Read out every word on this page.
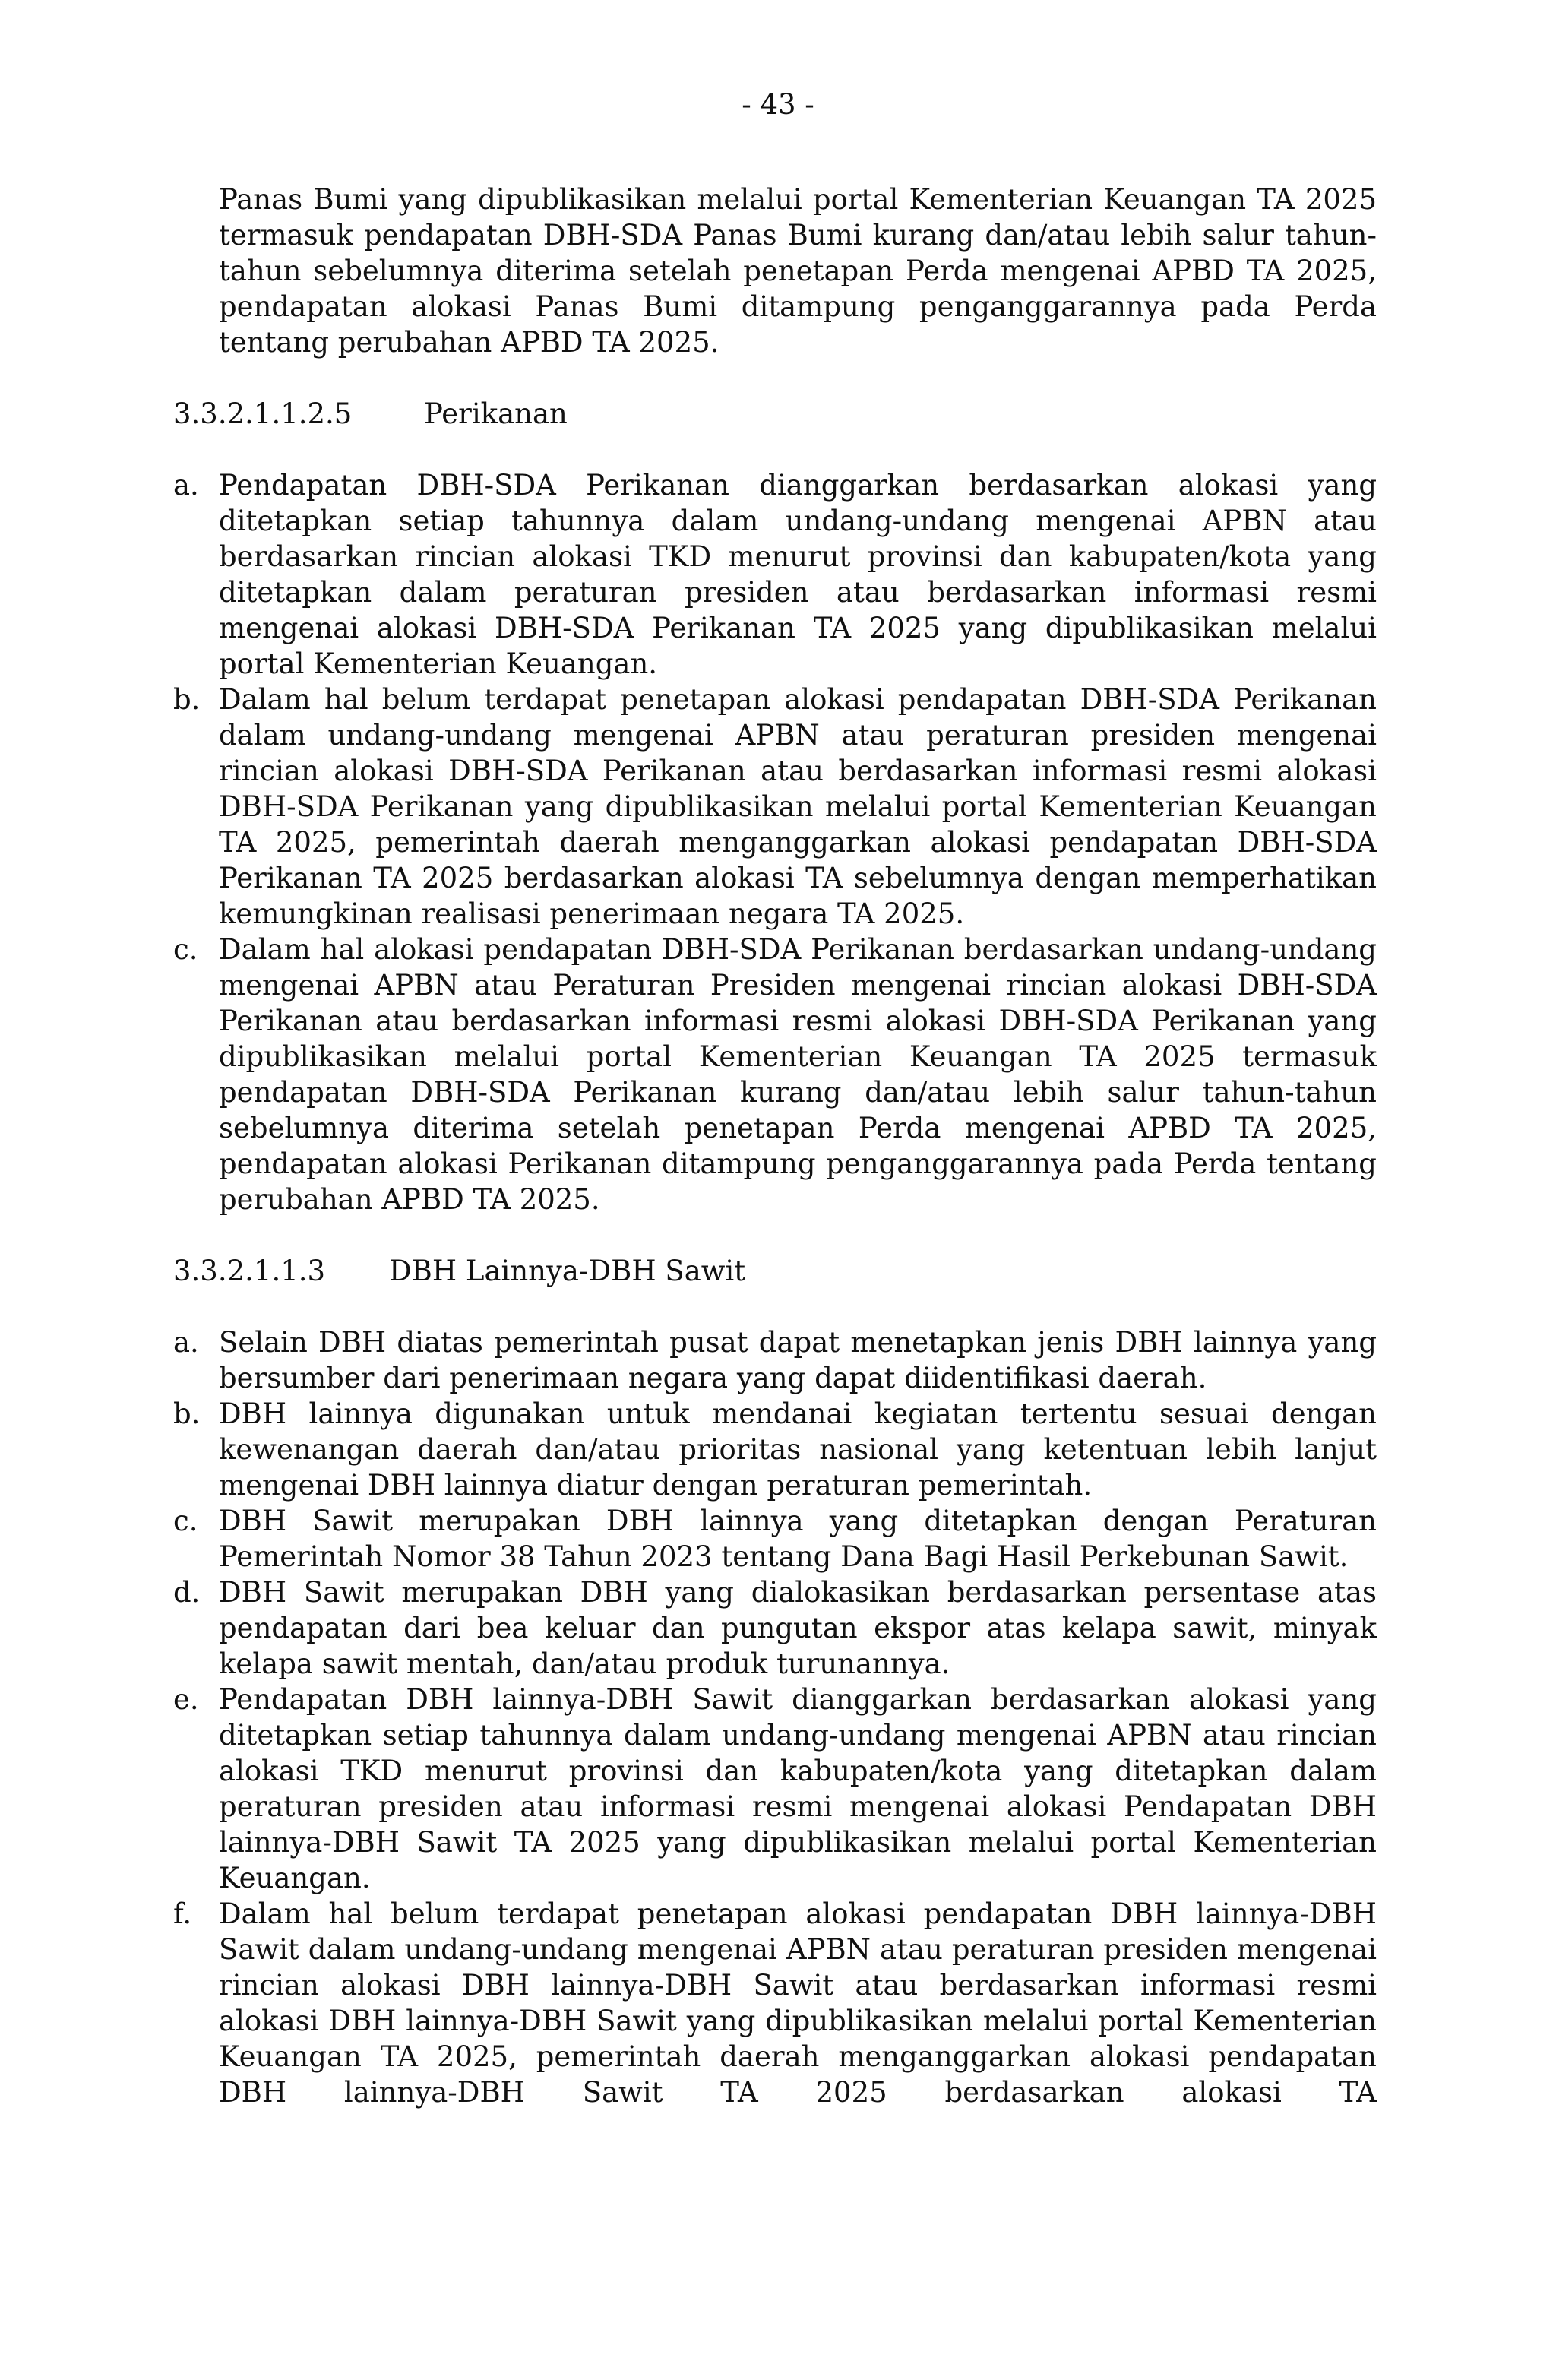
- 43 -

Panas Bumi yang dipublikasikan melalui portal Kementerian Keuangan TA 2025 termasuk pendapatan DBH-SDA Panas Bumi kurang dan/atau lebih salur tahun-tahun sebelumnya diterima setelah penetapan Perda mengenai APBD TA 2025, pendapatan alokasi Panas Bumi ditampung penganggarannya pada Perda tentang perubahan APBD TA 2025.

3.3.2.1.1.2.5	Perikanan
a. Pendapatan DBH-SDA Perikanan dianggarkan berdasarkan alokasi yang ditetapkan setiap tahunnya dalam undang-undang mengenai APBN atau berdasarkan rincian alokasi TKD menurut provinsi dan kabupaten/kota yang ditetapkan dalam peraturan presiden atau berdasarkan informasi resmi mengenai alokasi DBH-SDA Perikanan TA 2025 yang dipublikasikan melalui portal Kementerian Keuangan.
b. Dalam hal belum terdapat penetapan alokasi pendapatan DBH-SDA Perikanan dalam undang-undang mengenai APBN atau peraturan presiden mengenai rincian alokasi DBH-SDA Perikanan atau berdasarkan informasi resmi alokasi DBH-SDA Perikanan yang dipublikasikan melalui portal Kementerian Keuangan TA 2025, pemerintah daerah menganggarkan alokasi pendapatan DBH-SDA Perikanan TA 2025 berdasarkan alokasi TA sebelumnya dengan memperhatikan kemungkinan realisasi penerimaan negara TA 2025.
c. Dalam hal alokasi pendapatan DBH-SDA Perikanan berdasarkan undang-undang mengenai APBN atau Peraturan Presiden mengenai rincian alokasi DBH-SDA Perikanan atau berdasarkan informasi resmi alokasi DBH-SDA Perikanan yang dipublikasikan melalui portal Kementerian Keuangan TA 2025 termasuk pendapatan DBH-SDA Perikanan kurang dan/atau lebih salur tahun-tahun sebelumnya diterima setelah penetapan Perda mengenai APBD TA 2025, pendapatan alokasi Perikanan ditampung penganggarannya pada Perda tentang perubahan APBD TA 2025.
3.3.2.1.1.3	DBH Lainnya-DBH Sawit
a. Selain DBH diatas pemerintah pusat dapat menetapkan jenis DBH lainnya yang bersumber dari penerimaan negara yang dapat diidentifikasi daerah.
b. DBH lainnya digunakan untuk mendanai kegiatan tertentu sesuai dengan kewenangan daerah dan/atau prioritas nasional yang ketentuan lebih lanjut mengenai DBH lainnya diatur dengan peraturan pemerintah.
c. DBH Sawit merupakan DBH lainnya yang ditetapkan dengan Peraturan Pemerintah Nomor 38 Tahun 2023 tentang Dana Bagi Hasil Perkebunan Sawit.
d. DBH Sawit merupakan DBH yang dialokasikan berdasarkan persentase atas pendapatan dari bea keluar dan pungutan ekspor atas kelapa sawit, minyak kelapa sawit mentah, dan/atau produk turunannya.
e. Pendapatan DBH lainnya-DBH Sawit dianggarkan berdasarkan alokasi yang ditetapkan setiap tahunnya dalam undang-undang mengenai APBN atau rincian alokasi TKD menurut provinsi dan kabupaten/kota yang ditetapkan dalam peraturan presiden atau informasi resmi mengenai alokasi Pendapatan DBH lainnya-DBH Sawit TA 2025 yang dipublikasikan melalui portal Kementerian Keuangan.
f. Dalam hal belum terdapat penetapan alokasi pendapatan DBH lainnya-DBH Sawit dalam undang-undang mengenai APBN atau peraturan presiden mengenai rincian alokasi DBH lainnya-DBH Sawit atau berdasarkan informasi resmi alokasi DBH lainnya-DBH Sawit yang dipublikasikan melalui portal Kementerian Keuangan TA 2025, pemerintah daerah menganggarkan alokasi pendapatan DBH lainnya-DBH Sawit TA 2025 berdasarkan alokasi TA
